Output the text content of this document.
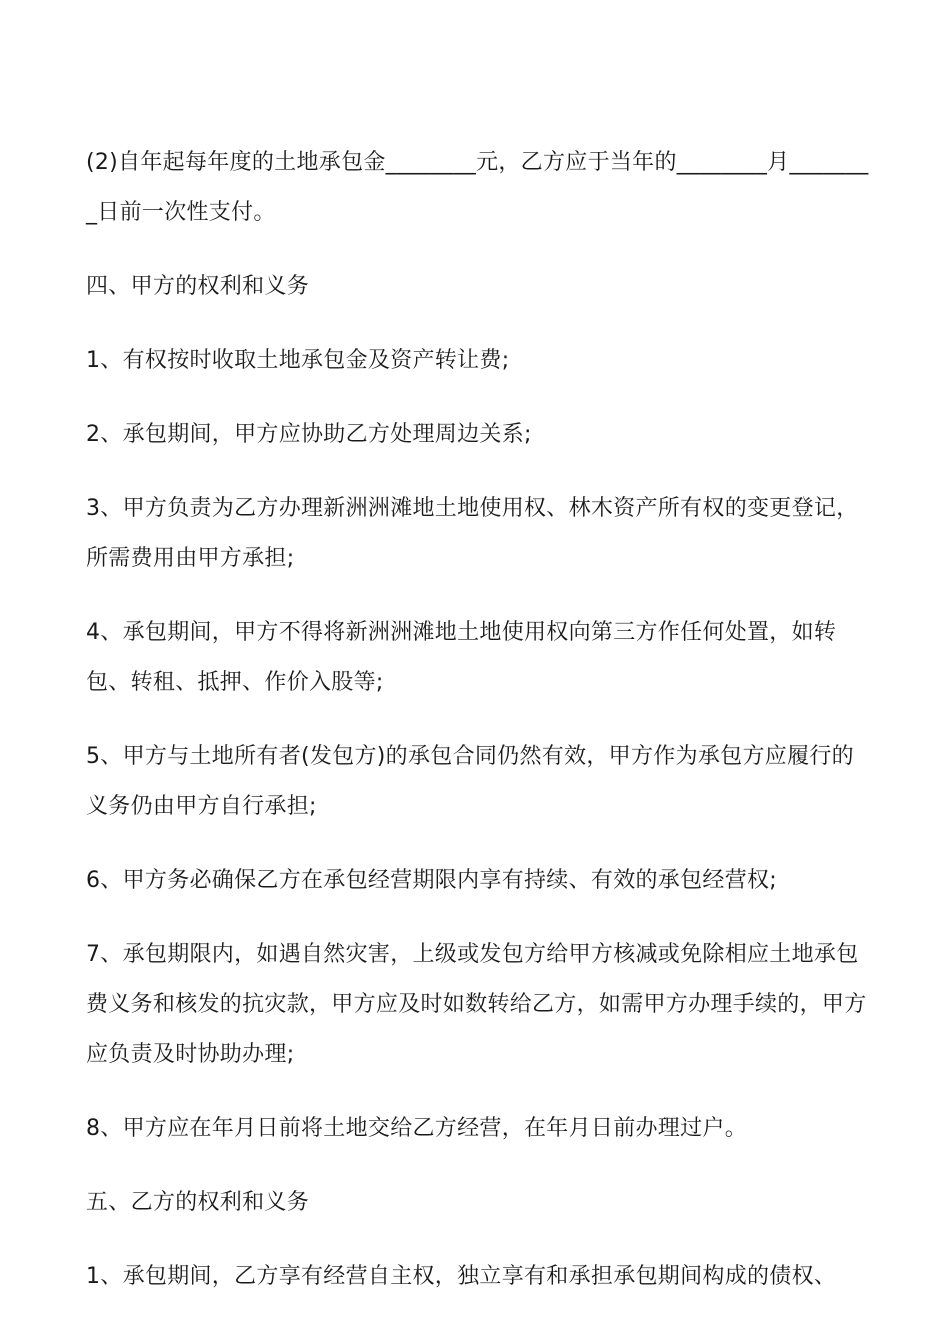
(2)自年起每年度的土地承包金________元，乙方应于当年的________月________日前一次性支付。

四、甲方的权利和义务

1、有权按时收取土地承包金及资产转让费;

2、承包期间，甲方应协助乙方处理周边关系;

3、甲方负责为乙方办理新洲洲滩地土地使用权、林木资产所有权的变更登记，所需费用由甲方承担;

4、承包期间，甲方不得将新洲洲滩地土地使用权向第三方作任何处置，如转包、转租、抵押、作价入股等;

5、甲方与土地所有者(发包方)的承包合同仍然有效，甲方作为承包方应履行的义务仍由甲方自行承担;

6、甲方务必确保乙方在承包经营期限内享有持续、有效的承包经营权;

7、承包期限内，如遇自然灾害，上级或发包方给甲方核减或免除相应土地承包费义务和核发的抗灾款，甲方应及时如数转给乙方，如需甲方办理手续的，甲方应负责及时协助办理;

8、甲方应在年月日前将土地交给乙方经营，在年月日前办理过户。

五、乙方的权利和义务

1、承包期间，乙方享有经营自主权，独立享有和承担承包期间构成的债权、
